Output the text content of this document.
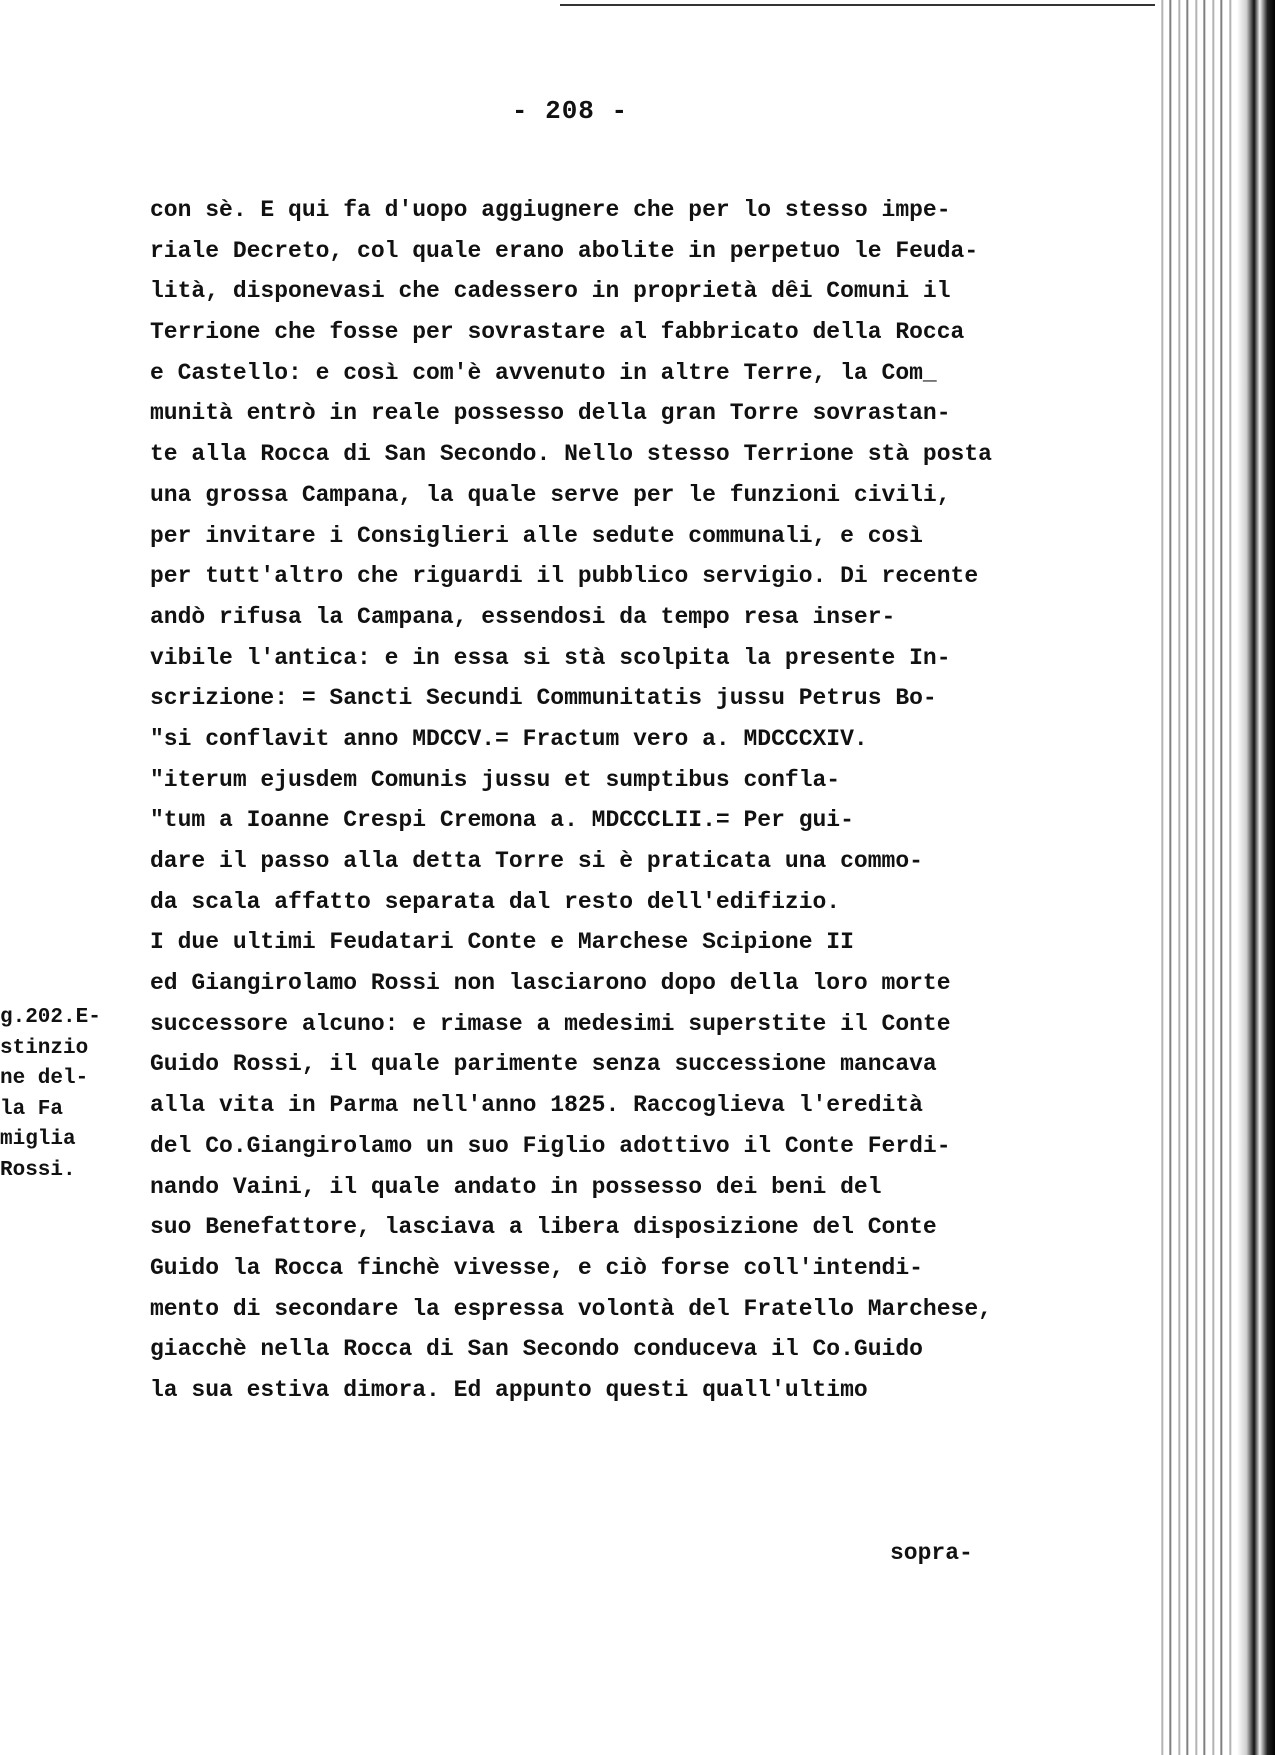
- 208 -
g.202.E-
stinzio
ne del-
la Fa
miglia
Rossi.
con sè. E qui fa d'uopo aggiugnere che per lo stesso impe-
riale Decreto, col quale erano abolite in perpetuo le Feuda-
lità, disponevasi che cadessero in proprietà dêi Comuni il
Terrione che fosse per sovrastare al fabbricato della Rocca
e Castello: e così com'è avvenuto in altre Terre, la Com_
munità entrò in reale possesso della gran Torre sovrastan-
te alla Rocca di San Secondo. Nello stesso Terrione stà posta
una grossa Campana, la quale serve per le funzioni civili,
per invitare i Consiglieri alle sedute communali, e così
per tutt'altro che riguardi il pubblico servigio. Di recente
andò rifusa la Campana, essendosi da tempo resa inser-
vibile l'antica: e in essa si stà scolpita la presente In-
scrizione: = Sancti Secundi Communitatis jussu Petrus Bo-
"si conflavit anno MDCCV.= Fractum vero a. MDCCCXIV.
"iterum ejusdem Comunis jussu et sumptibus confla-
"tum a Ioanne Crespi Cremona a. MDCCCLII.= Per gui-
dare il passo alla detta Torre si è praticata una commo-
da scala affatto separata dal resto dell'edifizio.
I due ultimi Feudatari Conte e Marchese Scipione II
ed Giangirolamo Rossi non lasciarono dopo della loro morte
successore alcuno: e rimase a medesimi superstite il Conte
Guido Rossi, il quale parimente senza successione mancava
alla vita in Parma nell'anno 1825. Raccoglieva l'eredità
del Co.Giangirolamo un suo Figlio adottivo il Conte Ferdi-
nando Vaini, il quale andato in possesso dei beni del
suo Benefattore, lasciava a libera disposizione del Conte
Guido la Rocca finchè vivesse, e ciò forse coll'intendi-
mento di secondare la espressa volontà del Fratello Marchese,
giacchè nella Rocca di San Secondo conduceva il Co.Guido
la sua estiva dimora. Ed appunto questi quall'ultimo
sopra-
